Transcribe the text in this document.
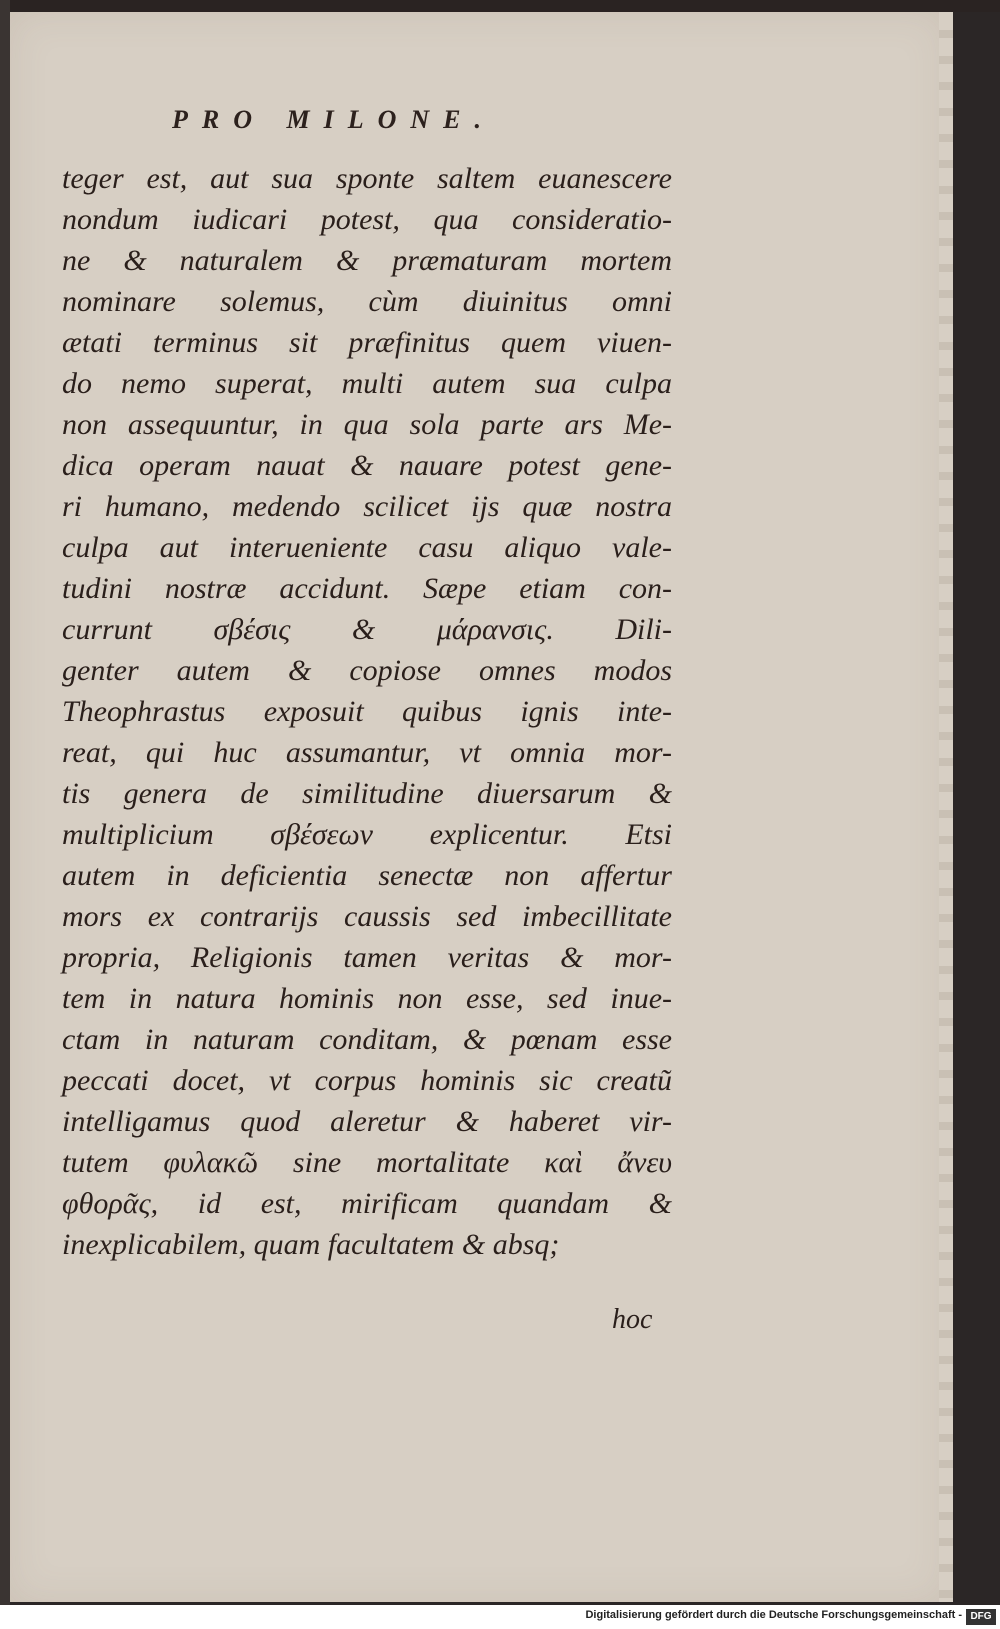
PRO MILONE.
teger est, aut sua sponte saltem euanescere
nondum iudicari potest, qua consideratio-
ne & naturalem & præmaturam mortem
nominare solemus, cùm diuinitus omni
ætati terminus sit præfinitus quem viuen-
do nemo superat, multi autem sua culpa
non assequuntur, in qua sola parte ars Me-
dica operam nauat & nauare potest gene-
ri humano, medendo scilicet ijs quæ nostra
culpa aut interueniente casu aliquo vale-
tudini nostræ accidunt. Sæpe etiam con-
currunt σβέσις & μάρανσις. Dili-
genter autem & copiose omnes modos
Theophrastus exposuit quibus ignis inte-
reat, qui huc assumantur, vt omnia mor-
tis genera de similitudine diuersarum &
multiplicium σβέσεων explicentur. Etsi
autem in deficientia senectæ non affertur
mors ex contrarijs caussis sed imbecillitate
propria, Religionis tamen veritas & mor-
tem in natura hominis non esse, sed inue-
ctam in naturam conditam, & pœnam esse
peccati docet, vt corpus hominis sic creatũ
intelligamus quod aleretur & haberet vir-
tutem φυλακῶ sine mortalitate καὶ ἄνευ
φθορᾶς, id est, mirificam quandam &
inexplicabilem, quam facultatem & absq;
hoc
Digitalisierung gefördert durch die Deutsche Forschungsgemeinschaft - DFG
